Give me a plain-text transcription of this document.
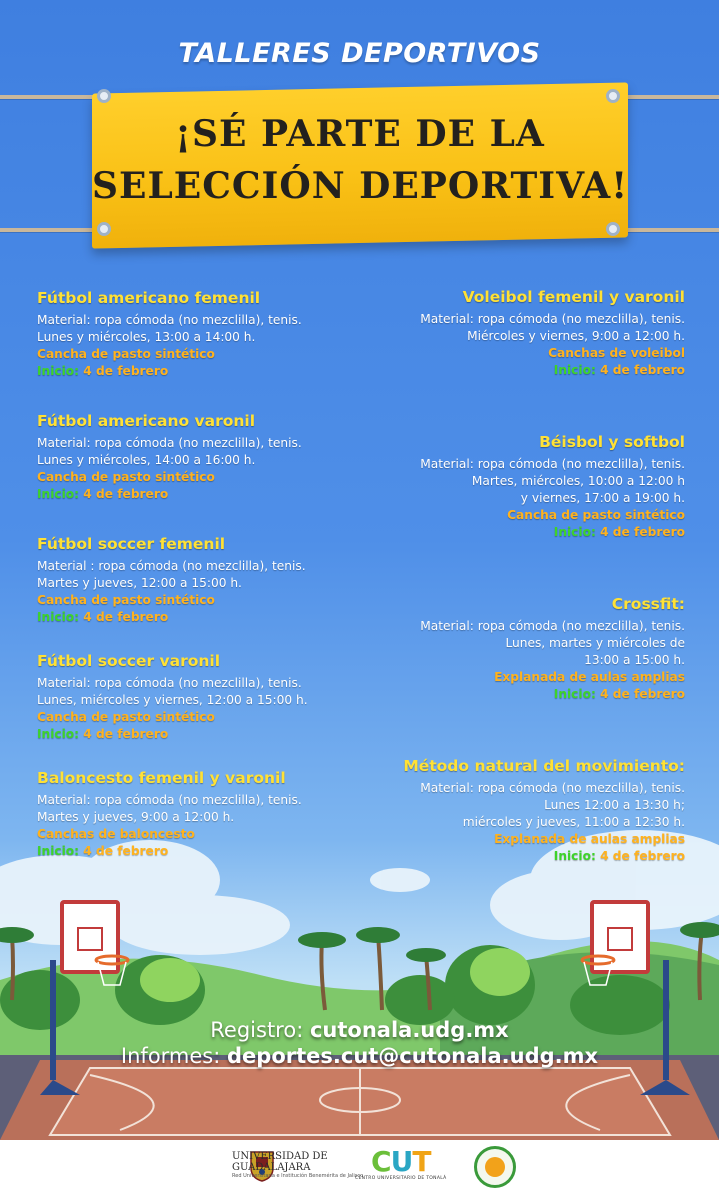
TALLERES DEPORTIVOS
¡SÉ PARTE DE LA
SELECCIÓN DEPORTIVA!
Fútbol americano femenil
Material: ropa cómoda (no mezclilla), tenis.
Lunes y miércoles, 13:00 a 14:00 h.
Cancha de pasto sintético
Inicio: 4 de febrero
Fútbol americano varonil
Material: ropa cómoda (no mezclilla), tenis.
Lunes y miércoles, 14:00 a 16:00 h.
Cancha de pasto sintético
Inicio: 4 de febrero
Fútbol soccer femenil
Material : ropa cómoda (no mezclilla), tenis.
Martes y jueves, 12:00 a 15:00 h.
Cancha de pasto sintético
Inicio: 4 de febrero
Fútbol soccer varonil
Material: ropa cómoda (no mezclilla), tenis.
Lunes, miércoles y viernes, 12:00 a 15:00 h.
Cancha de pasto sintético
Inicio: 4 de febrero
Baloncesto femenil y varonil
Material: ropa cómoda (no mezclilla), tenis.
Martes y jueves, 9:00 a 12:00 h.
Canchas de baloncesto
Inicio: 4 de febrero
Voleibol femenil y varonil
Material: ropa cómoda (no mezclilla), tenis.
Miércoles y viernes, 9:00 a 12:00 h.
Canchas de voleibol
Inicio: 4 de febrero
Béisbol y softbol
Material: ropa cómoda (no mezclilla), tenis.
Martes, miércoles, 10:00 a 12:00 h
y viernes, 17:00 a 19:00 h.
Cancha de pasto sintético
Inicio: 4 de febrero
Crossfit:
Material: ropa cómoda (no mezclilla), tenis.
Lunes, martes y miércoles de
13:00 a 15:00 h.
Explanada de aulas amplias
Inicio: 4 de febrero
Método natural del movimiento:
Material: ropa cómoda (no mezclilla), tenis.
Lunes 12:00 a 13:30 h;
miércoles y jueves, 11:00 a 12:30 h.
Explanada de aulas amplias
Inicio: 4 de febrero
Registro: cutonala.udg.mx
Informes: deportes.cut@cutonala.udg.mx
UNIVERSIDAD DE
GUADALAJARA
Red Universitaria e Institución Benemérita de Jalisco CUT
CENTRO UNIVERSITARIO DE TONALÁ
